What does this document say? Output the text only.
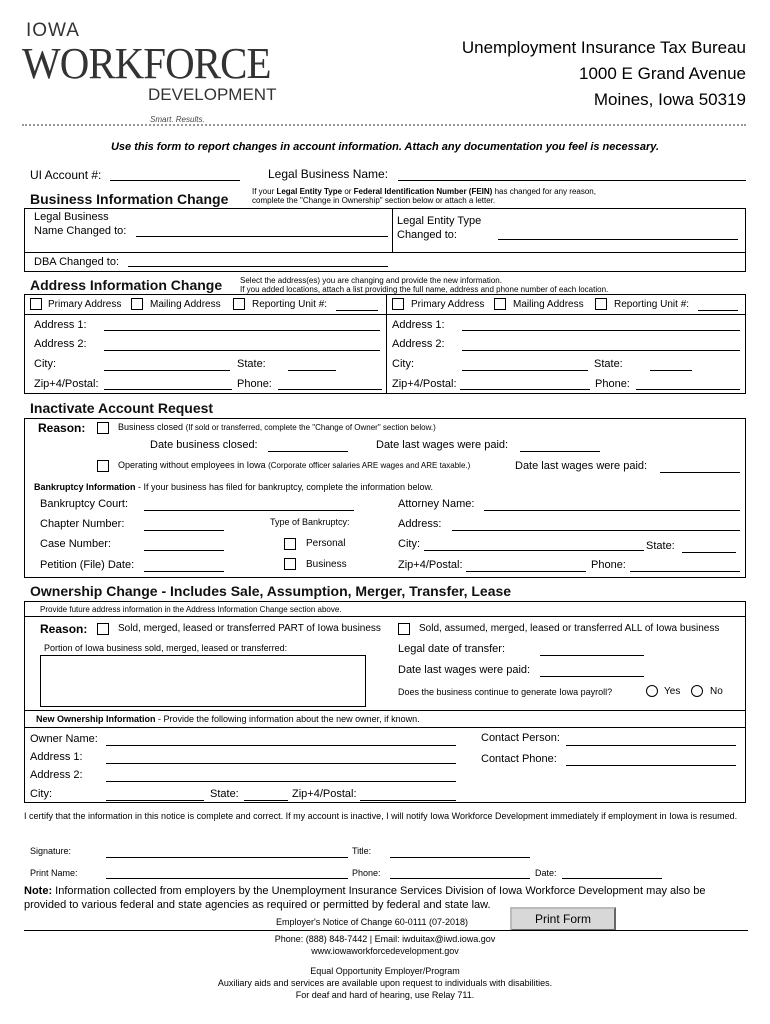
IOWA
WORKFORCE
DEVELOPMENT
Smart. Results.
Unemployment Insurance Tax Bureau
1000 E Grand Avenue
Moines, Iowa 50319
Use this form to report changes in account information. Attach any documentation you feel is necessary.
UI Account #:	Legal Business Name:
Business Information Change	If your Legal Entity Type or Federal Identification Number (FEIN) has changed for any reason,
complete the "Change in Ownership" section below or attach a letter.
Legal Business
Name Changed to:
Legal Entity Type
Changed to:
DBA Changed to:
Address Information Change Select the address(es) you are changing and provide the new information.
If you added locations, attach a list providing the full name, address and phone number of each location.
Primary Address	Mailing Address	Reporting Unit #:
Address 1:
Address 2:
City:	State:
Zip+4/Postal:	Phone:
Primary Address	Mailing Address	Reporting Unit #:
Address 1:
Address 2:
City:	State:
Zip+4/Postal:	Phone:
Inactivate Account Request
Reason:	Business closed (If sold or transferred, complete the "Change of Owner" section below.)
Date business closed:	Date last wages were paid:
Operating without employees in Iowa (Corporate officer salaries ARE wages and ARE taxable.)	Date last wages were paid:
Bankruptcy Information - If your business has filed for bankruptcy, complete the information below.
Bankruptcy Court:	Attorney Name:
Chapter Number:	Type of Bankruptcy:	Address:
Case Number:	Personal	City:	State:
Petition (File) Date:	Business	Zip+4/Postal:	Phone:
Ownership Change - Includes Sale, Assumption, Merger, Transfer, Lease
Provide future address information in the Address Information Change section above.
Reason:	Sold, merged, leased or transferred PART of Iowa business	Sold, assumed, merged, leased or transferred ALL of Iowa business
Portion of Iowa business sold, merged, leased or transferred:	Legal date of transfer:
Date last wages were paid:
Does the business continue to generate Iowa payroll?	Yes	No
New Ownership Information - Provide the following information about the new owner, if known.
Owner Name:	Contact Person:
Address 1:	Contact Phone:
Address 2:
City:	State:	Zip+4/Postal:
I certify that the information in this notice is complete and correct. If my account is inactive, I will notify Iowa Workforce Development immediately if employment in Iowa is resumed.
Signature:	Title:
Print Name:	Phone:	Date:
Note: Information collected from employers by the Unemployment Insurance Services Division of Iowa Workforce Development may also be provided to various federal and state agencies as required or permitted by federal and state law.
Employer's Notice of Change 60-0111 (07-2018)	Print Form
Phone: (888) 848-7442 | Email: iwduitax@iwd.iowa.gov
www.iowaworkforcedevelopment.gov
Equal Opportunity Employer/Program
Auxiliary aids and services are available upon request to individuals with disabilities.
For deaf and hard of hearing, use Relay 711.
